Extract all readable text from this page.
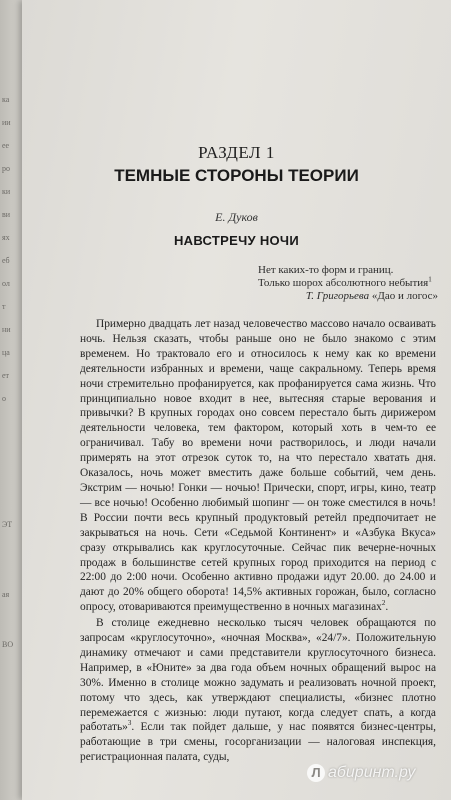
ка
ии
ее
ро
ки
ви
ях
еб
ол
т
ни
ца
ет
о
ЭТ
ая
ВО
РАЗДЕЛ 1
ТЕМНЫЕ СТОРОНЫ ТЕОРИИ
Е. Дуков
НАВСТРЕЧУ НОЧИ
Нет каких-то форм и границ.
Только шорох абсолютного небытия$^1$
Т. Григорьева «Дао и логос»

Примерно двадцать лет назад человечество массово начало осваивать ночь. Нельзя сказать, чтобы раньше оно не было знакомо с этим временем. Но трактовало его и относилось к нему как ко времени деятельности избранных и времени, чаще сакральному. Теперь время ночи стремительно профанируется, как профанируется сама жизнь. Что принципиально новое входит в нее, вытесняя старые верования и привычки? В крупных городах оно совсем перестало быть дирижером деятельности человека, тем фактором, который хоть в чем-то ее ограничивал. Табу во времени ночи растворилось, и люди начали примерять на этот отрезок суток то, на что перестало хватать дня. Оказалось, ночь может вместить даже больше событий, чем день. Экстрим — ночью! Гонки — ночью! Прически, спорт, игры, кино, театр — все ночью! Особенно любимый шопинг — он тоже сместился в ночь! В России почти весь крупный продуктовый ретейл предпочитает не закрываться на ночь. Сети «Седьмой Континент» и «Азбука Вкуса» сразу открывались как круглосуточные. Сейчас пик вечерне-ночных продаж в большинстве сетей крупных город приходится на период с 22:00 до 2:00 ночи. Особенно активно продажи идут 20.00. до 24.00 и дают до 20% общего оборота! 14,5% активных горожан, было, согласно опросу, отовариваются преимущественно в ночных магазинах$^2$.

В столице ежедневно несколько тысяч человек обращаются по запросам «круглосуточно», «ночная Москва», «24/7». Положительную динамику отмечают и сами представители круглосуточного бизнеса. Например, в «Юните» за два года объем ночных обращений вырос на 30%. Именно в столице можно задумать и реализовать ночной проект, потому что здесь, как утверждают специалисты, «бизнес плотно перемежается с жизнью: люди путают, когда следует спать, а когда работать»$^3$. Если так пойдет дальше, у нас появятся бизнес-центры, работающие в три смены, госорганизации — налоговая инспекция, регистрационная палата, суды,

Л абирuнт.ру
